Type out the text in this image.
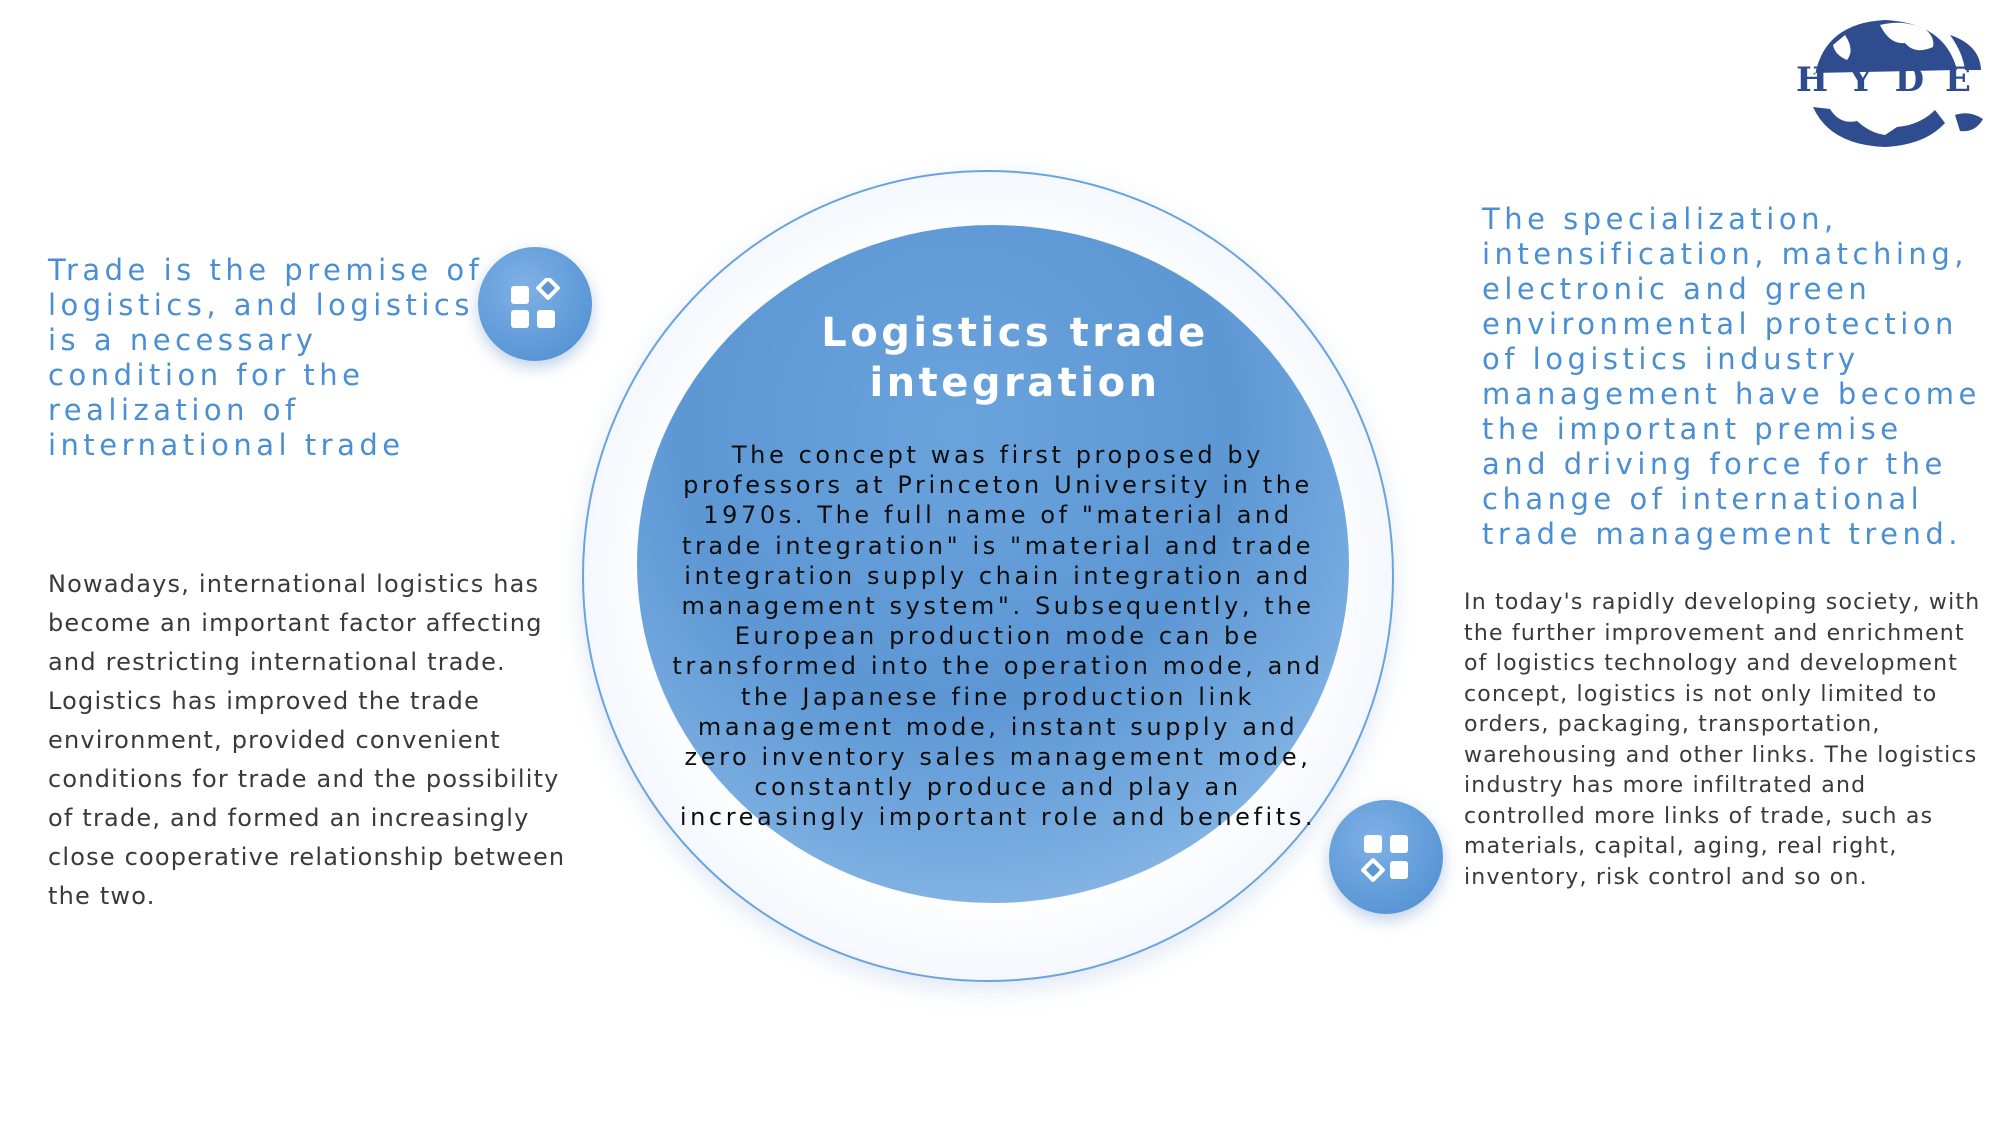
H Y D E

Trade is the premise of logistics, and logistics is a necessary condition for the realization of international trade

Nowadays, international logistics has become an important factor affecting and restricting international trade. Logistics has improved the trade environment, provided convenient conditions for trade and the possibility of trade, and formed an increasingly close cooperative relationship between the two.

Logistics trade integration

The concept was first proposed by professors at Princeton University in the 1970s. The full name of "material and trade integration" is "material and trade integration supply chain integration and management system". Subsequently, the European production mode can be transformed into the operation mode, and the Japanese fine production link management mode, instant supply and zero inventory sales management mode, constantly produce and play an increasingly important role and benefits.

The specialization, intensification, matching, electronic and green environmental protection of logistics industry management have become the important premise and driving force for the change of international trade management trend.

In today's rapidly developing society, with the further improvement and enrichment of logistics technology and development concept, logistics is not only limited to orders, packaging, transportation, warehousing and other links. The logistics industry has more infiltrated and controlled more links of trade, such as materials, capital, aging, real right, inventory, risk control and so on.
